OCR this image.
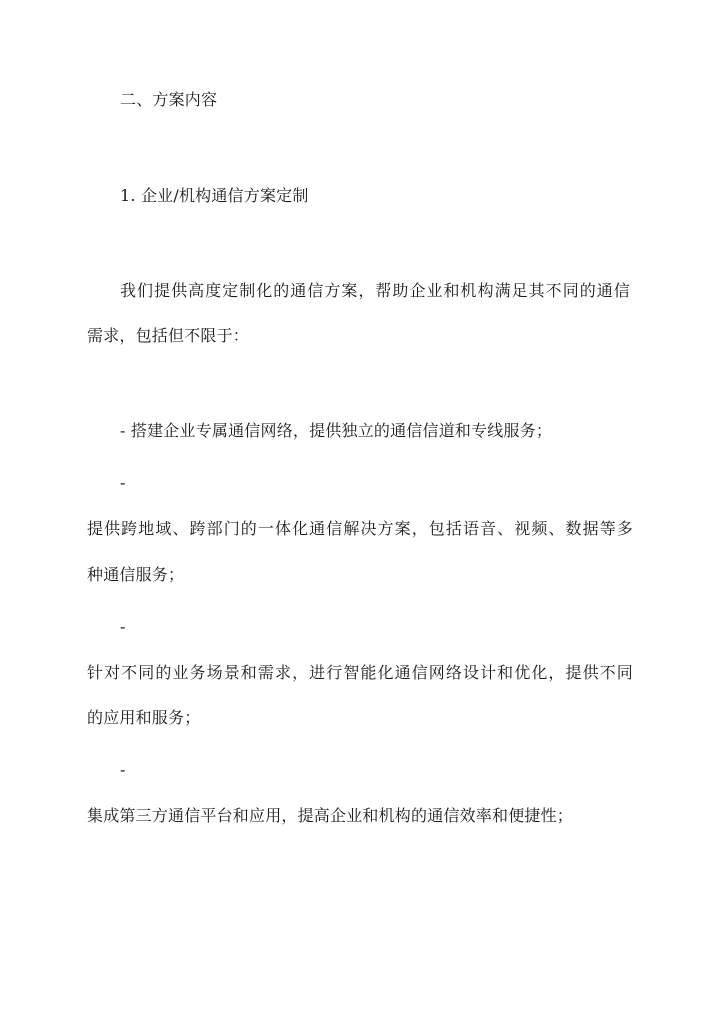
二、方案内容
1. 企业/机构通信方案定制
我们提供高度定制化的通信方案，帮助企业和机构满足其不同的通信
需求，包括但不限于：
- 搭建企业专属通信网络，提供独立的通信信道和专线服务；
-
提供跨地域、跨部门的一体化通信解决方案，包括语音、视频、数据等多
种通信服务；
-
针对不同的业务场景和需求，进行智能化通信网络设计和优化，提供不同
的应用和服务；
-
集成第三方通信平台和应用，提高企业和机构的通信效率和便捷性；
